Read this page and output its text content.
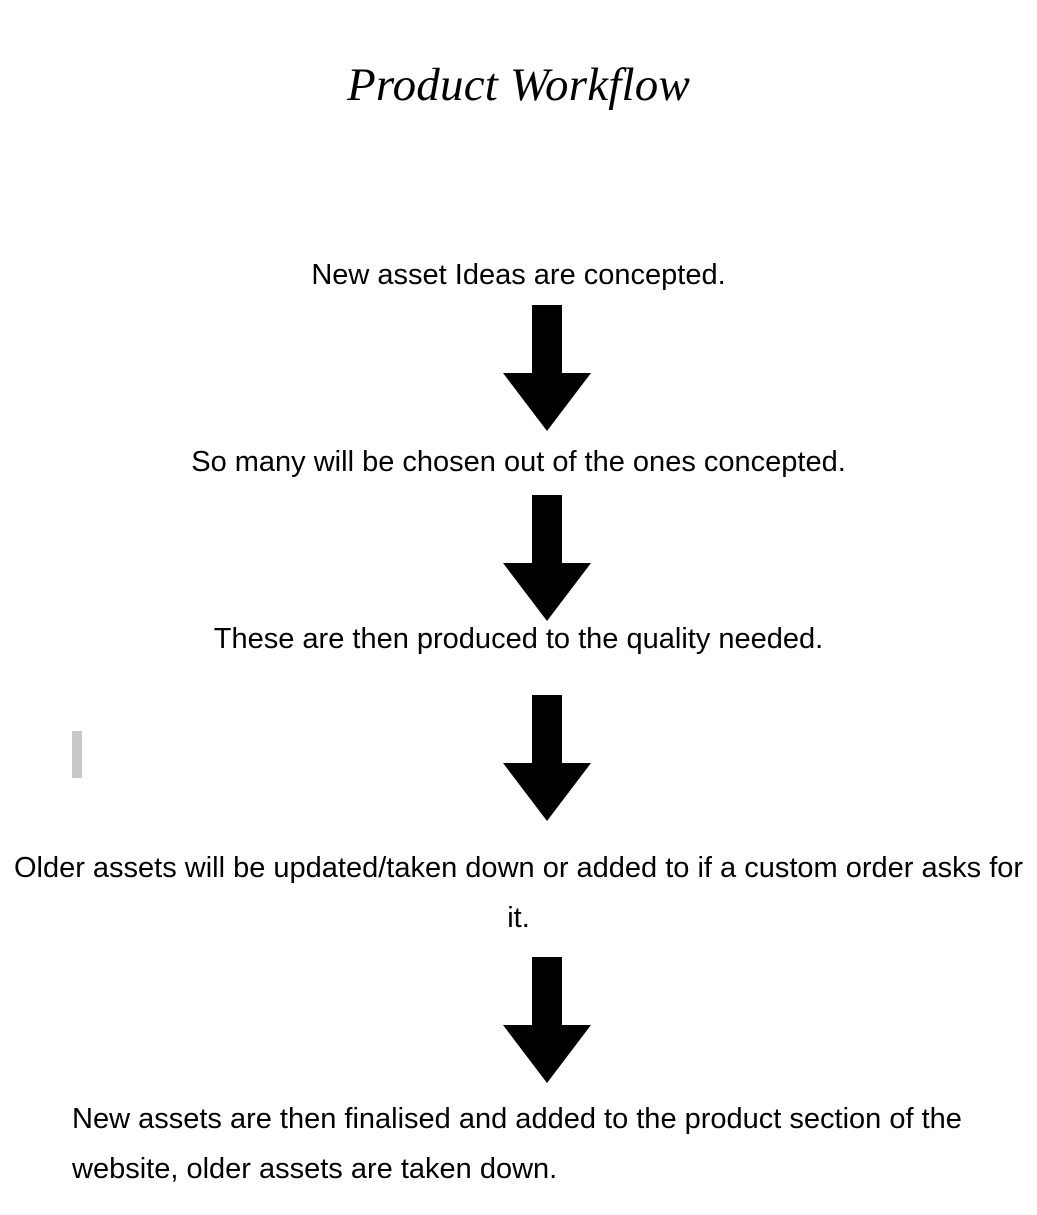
Product Workflow
New asset Ideas are concepted.
So many will be chosen out of the ones concepted.
These are then produced to the quality needed.
Older assets will be updated/taken down or added to if a custom order asks for it.
New assets are then finalised and added to the product section of the website, older assets are taken down.
